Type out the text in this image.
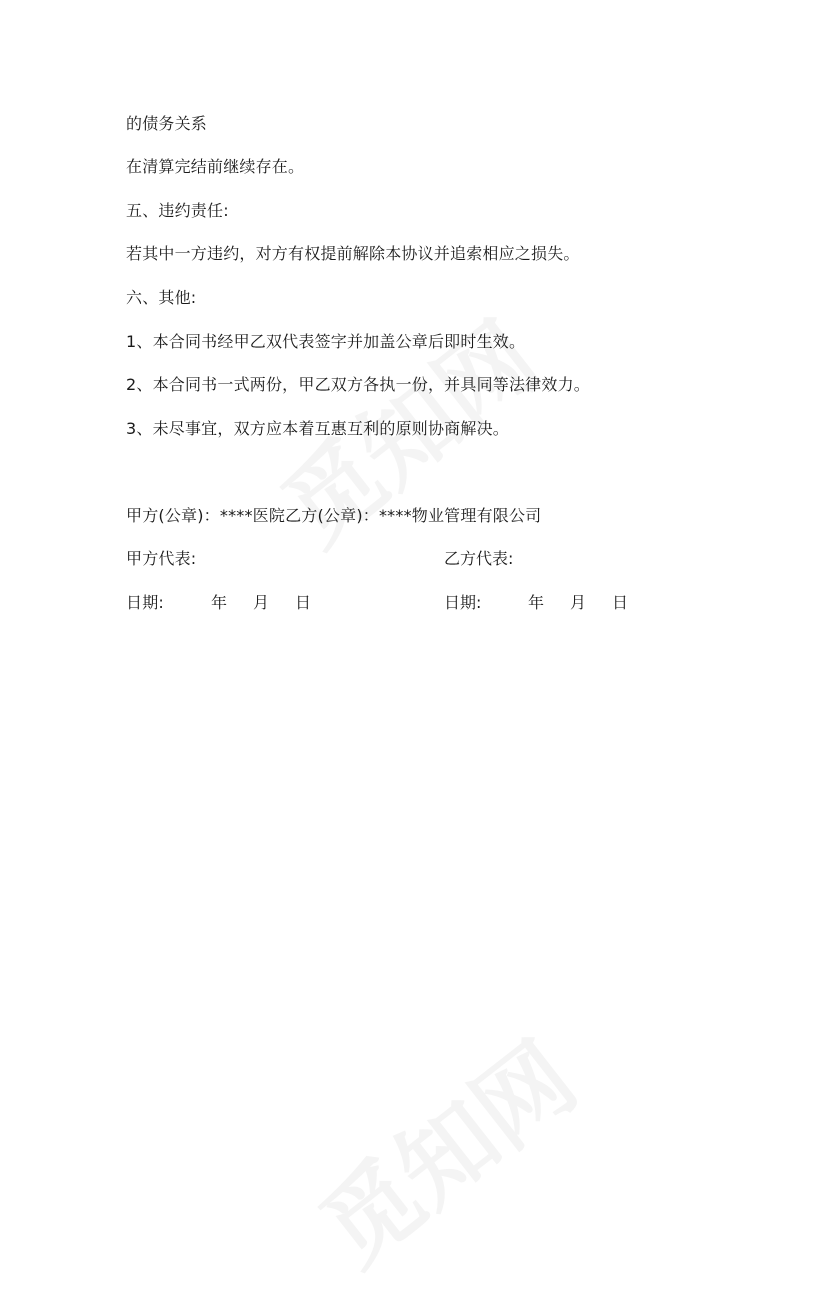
的债务关系
在清算完结前继续存在。
五、违约责任:
若其中一方违约，对方有权提前解除本协议并追索相应之损失。
六、其他:
1、本合同书经甲乙双代表签字并加盖公章后即时生效。
2、本合同书一式两份，甲乙双方各执一份，并具同等法律效力。
3、未尽事宜，双方应本着互惠互利的原则协商解决。
甲方(公章)：****医院乙方(公章)：****物业管理有限公司
甲方代表:	乙方代表:
日期:	年 月 日	日期:	年 月 日
